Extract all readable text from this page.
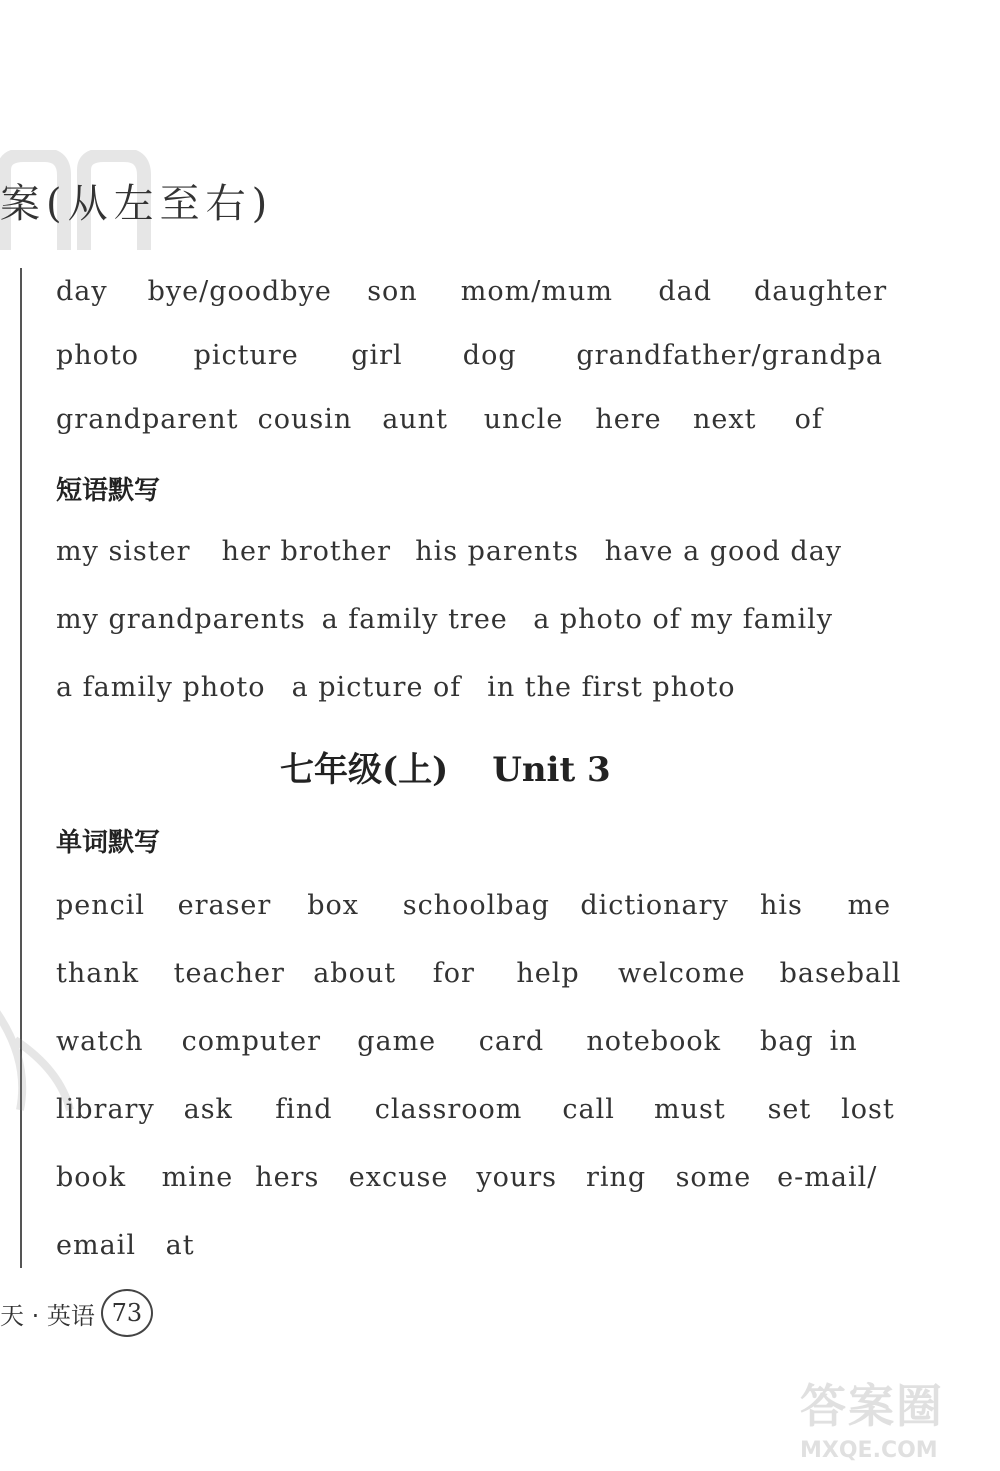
案(从左至右)
day bye/goodbye son mom/mum dad daughter
photo picture girl dog grandfather/grandpa
grandparent cousin aunt uncle here next of
短语默写
my sister her brother his parents have a good day
my grandparents a family tree a photo of my family
a family photo a picture of in the first photo
七年级(上) Unit 3
单词默写
pencil eraser box schoolbag dictionary his me
thank teacher about for help welcome baseball
watch computer game card notebook bag in
library ask find classroom call must set lost
book mine hers excuse yours ring some e-mail/
email at
天 · 英语 73
答案圈
MXQE.COM
